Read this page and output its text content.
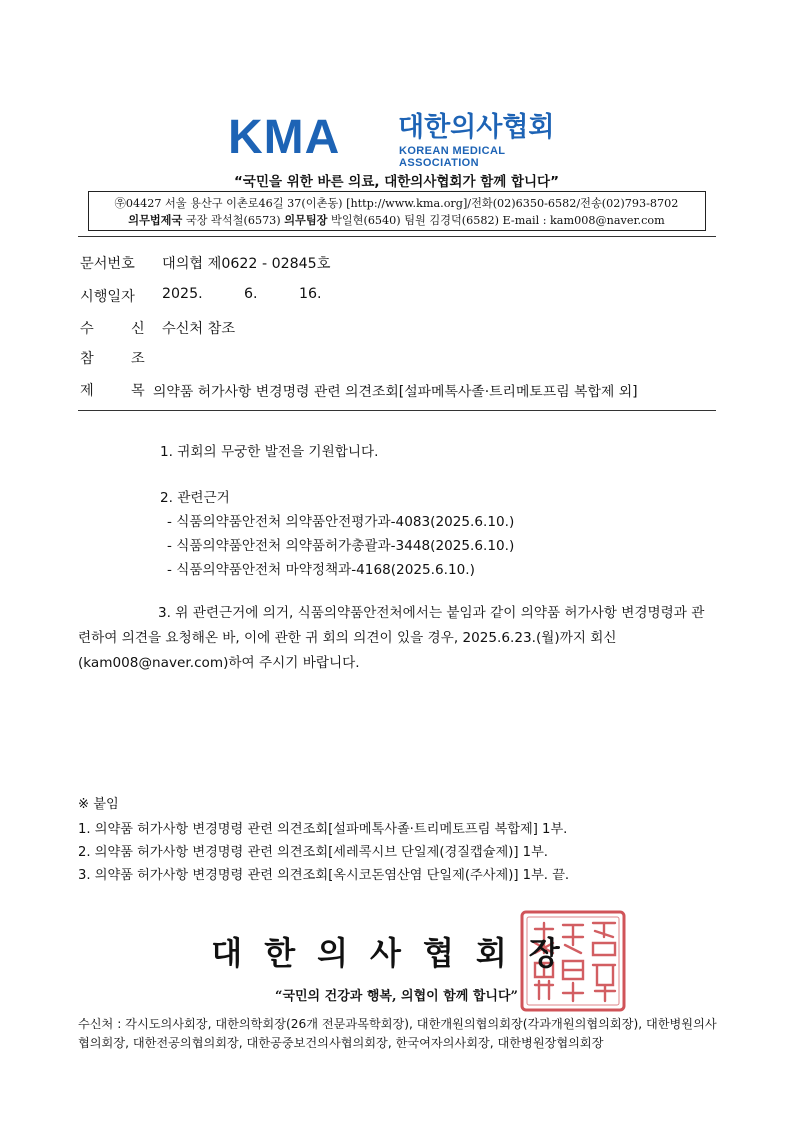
KMA 대한의사협회
KOREAN MEDICAL ASSOCIATION
“국민을 위한 바른 의료, 대한의사협회가 함께 합니다”
㉾04427 서울 용산구 이촌로46길 37(이촌동) [http://www.kma.org]/전화(02)6350-6582/전송(02)793-8702
의무법제국 국장 곽석철(6573) 의무팀장 박일현(6540) 팀원 김경덕(6582) E-mail : kam008@naver.com
문서번호 대의협 제0622 - 02845호
시행일자 2025.	6.	16.
수	신 수신처 참조
참	조
제	목 의약품 허가사항 변경명령 관련 의견조회[설파메톡사졸·트리메토프림 복합제 외]
1. 귀회의 무궁한 발전을 기원합니다.
2. 관련근거
- 식품의약품안전처 의약품안전평가과-4083(2025.6.10.)
- 식품의약품안전처 의약품허가총괄과-3448(2025.6.10.)
- 식품의약품안전처 마약정책과-4168(2025.6.10.)
3. 위 관련근거에 의거, 식품의약품안전처에서는 붙임과 같이 의약품 허가사항 변경명령과 관련하여 의견을 요청해온 바, 이에 관한 귀 회의 의견이 있을 경우, 2025.6.23.(월)까지 회신(kam008@naver.com)하여 주시기 바랍니다.
※ 붙임
1. 의약품 허가사항 변경명령 관련 의견조회[설파메톡사졸·트리메토프림 복합제] 1부.
2. 의약품 허가사항 변경명령 관련 의견조회[세레콕시브 단일제(경질캡슐제)] 1부.
3. 의약품 허가사항 변경명령 관련 의견조회[옥시코돈염산염 단일제(주사제)] 1부. 끝.
대한의사협회장
“국민의 건강과 행복, 의협이 함께 합니다”
수신처 : 각시도의사회장, 대한의학회장(26개 전문과목학회장), 대한개원의협의회장(각과개원의협의회장), 대한병원의사협의회장, 대한전공의협의회장, 대한공중보건의사협의회장, 한국여자의사회장, 대한병원장협의회장
